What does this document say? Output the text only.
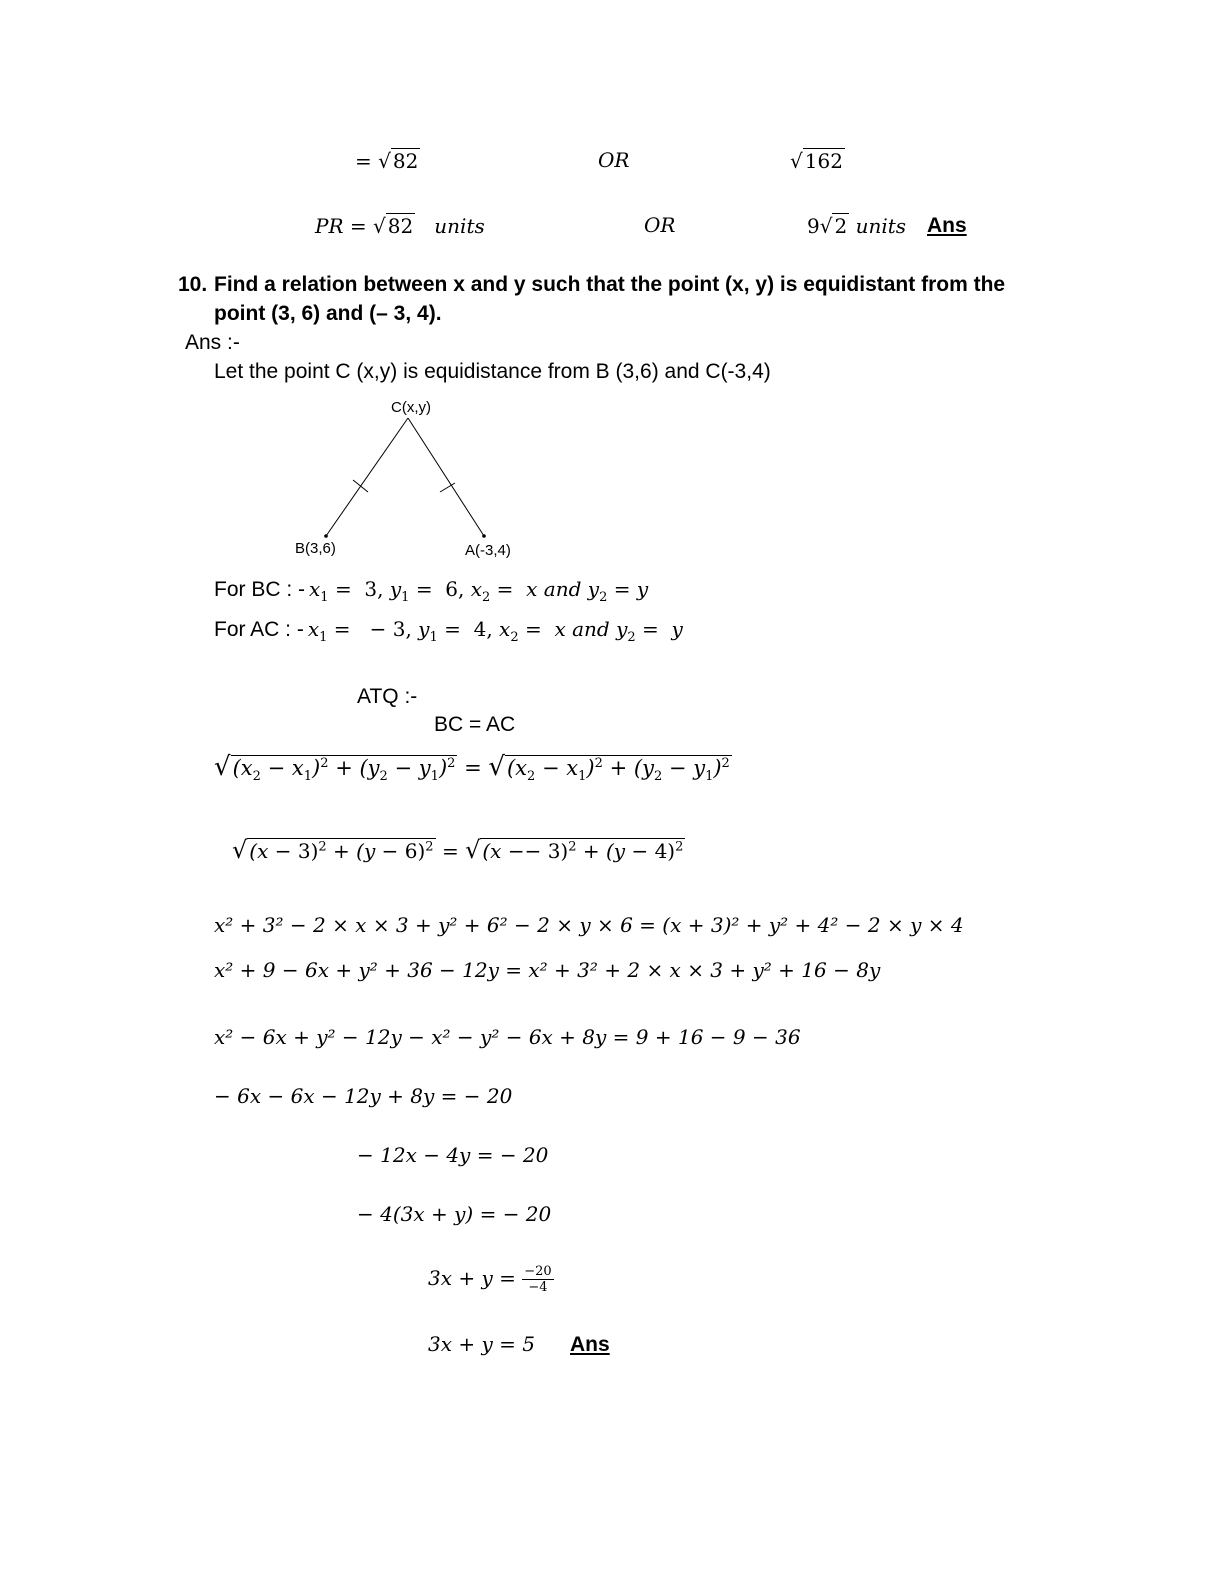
= √ 82	OR	√ 162
PR = √ 82 units	OR	9√ 2 units Ans
10. Find a relation between x and y such that the point (x, y) is equidistant from the
point (3, 6) and (– 3, 4).
Ans :-
Let the point C (x,y) is equidistance from B (3,6) and C(-3,4)
C(x,y)
B(3,6)	A(-3,4)
For BC : - $x_1 = 3$, $y_1 = 6$, $x_2 = x$ and $y_2 = y$
For AC : - $x_1$ = − 3, $y_1 = 4$, $x_2 = x$ and $y_2 = y$
ATQ :-
BC = AC
$√(x_2 - x_1)^2 + (y_2 - y_1)^2 = √(x_2 - x_1)^2 + (y_2 - y_1)^2$
√ $(x - 3)^2 + (y - 6)^2$ = √ $(x -- 3)^2 + (y - 4)^2$
x² + 3² − 2 × x × 3 + y² + 6² − 2 × y × 6 = (x + 3)² + y² + 4² − 2 × y × 4
x² + 9 − 6x + y² + 36 − 12y = x² + 3² + 2 × x × 3 + y² + 16 − 8y
x² − 6x + y² − 12y − x² − y² − 6x + 8y = 9 + 16 − 9 − 36
− 6x − 6x − 12y + 8y = − 20
− 12x − 4y = − 20
− 4(3x + y) = − 20
$3x + y = \frac{-20}{-4}$
3x + y = 5 Ans
